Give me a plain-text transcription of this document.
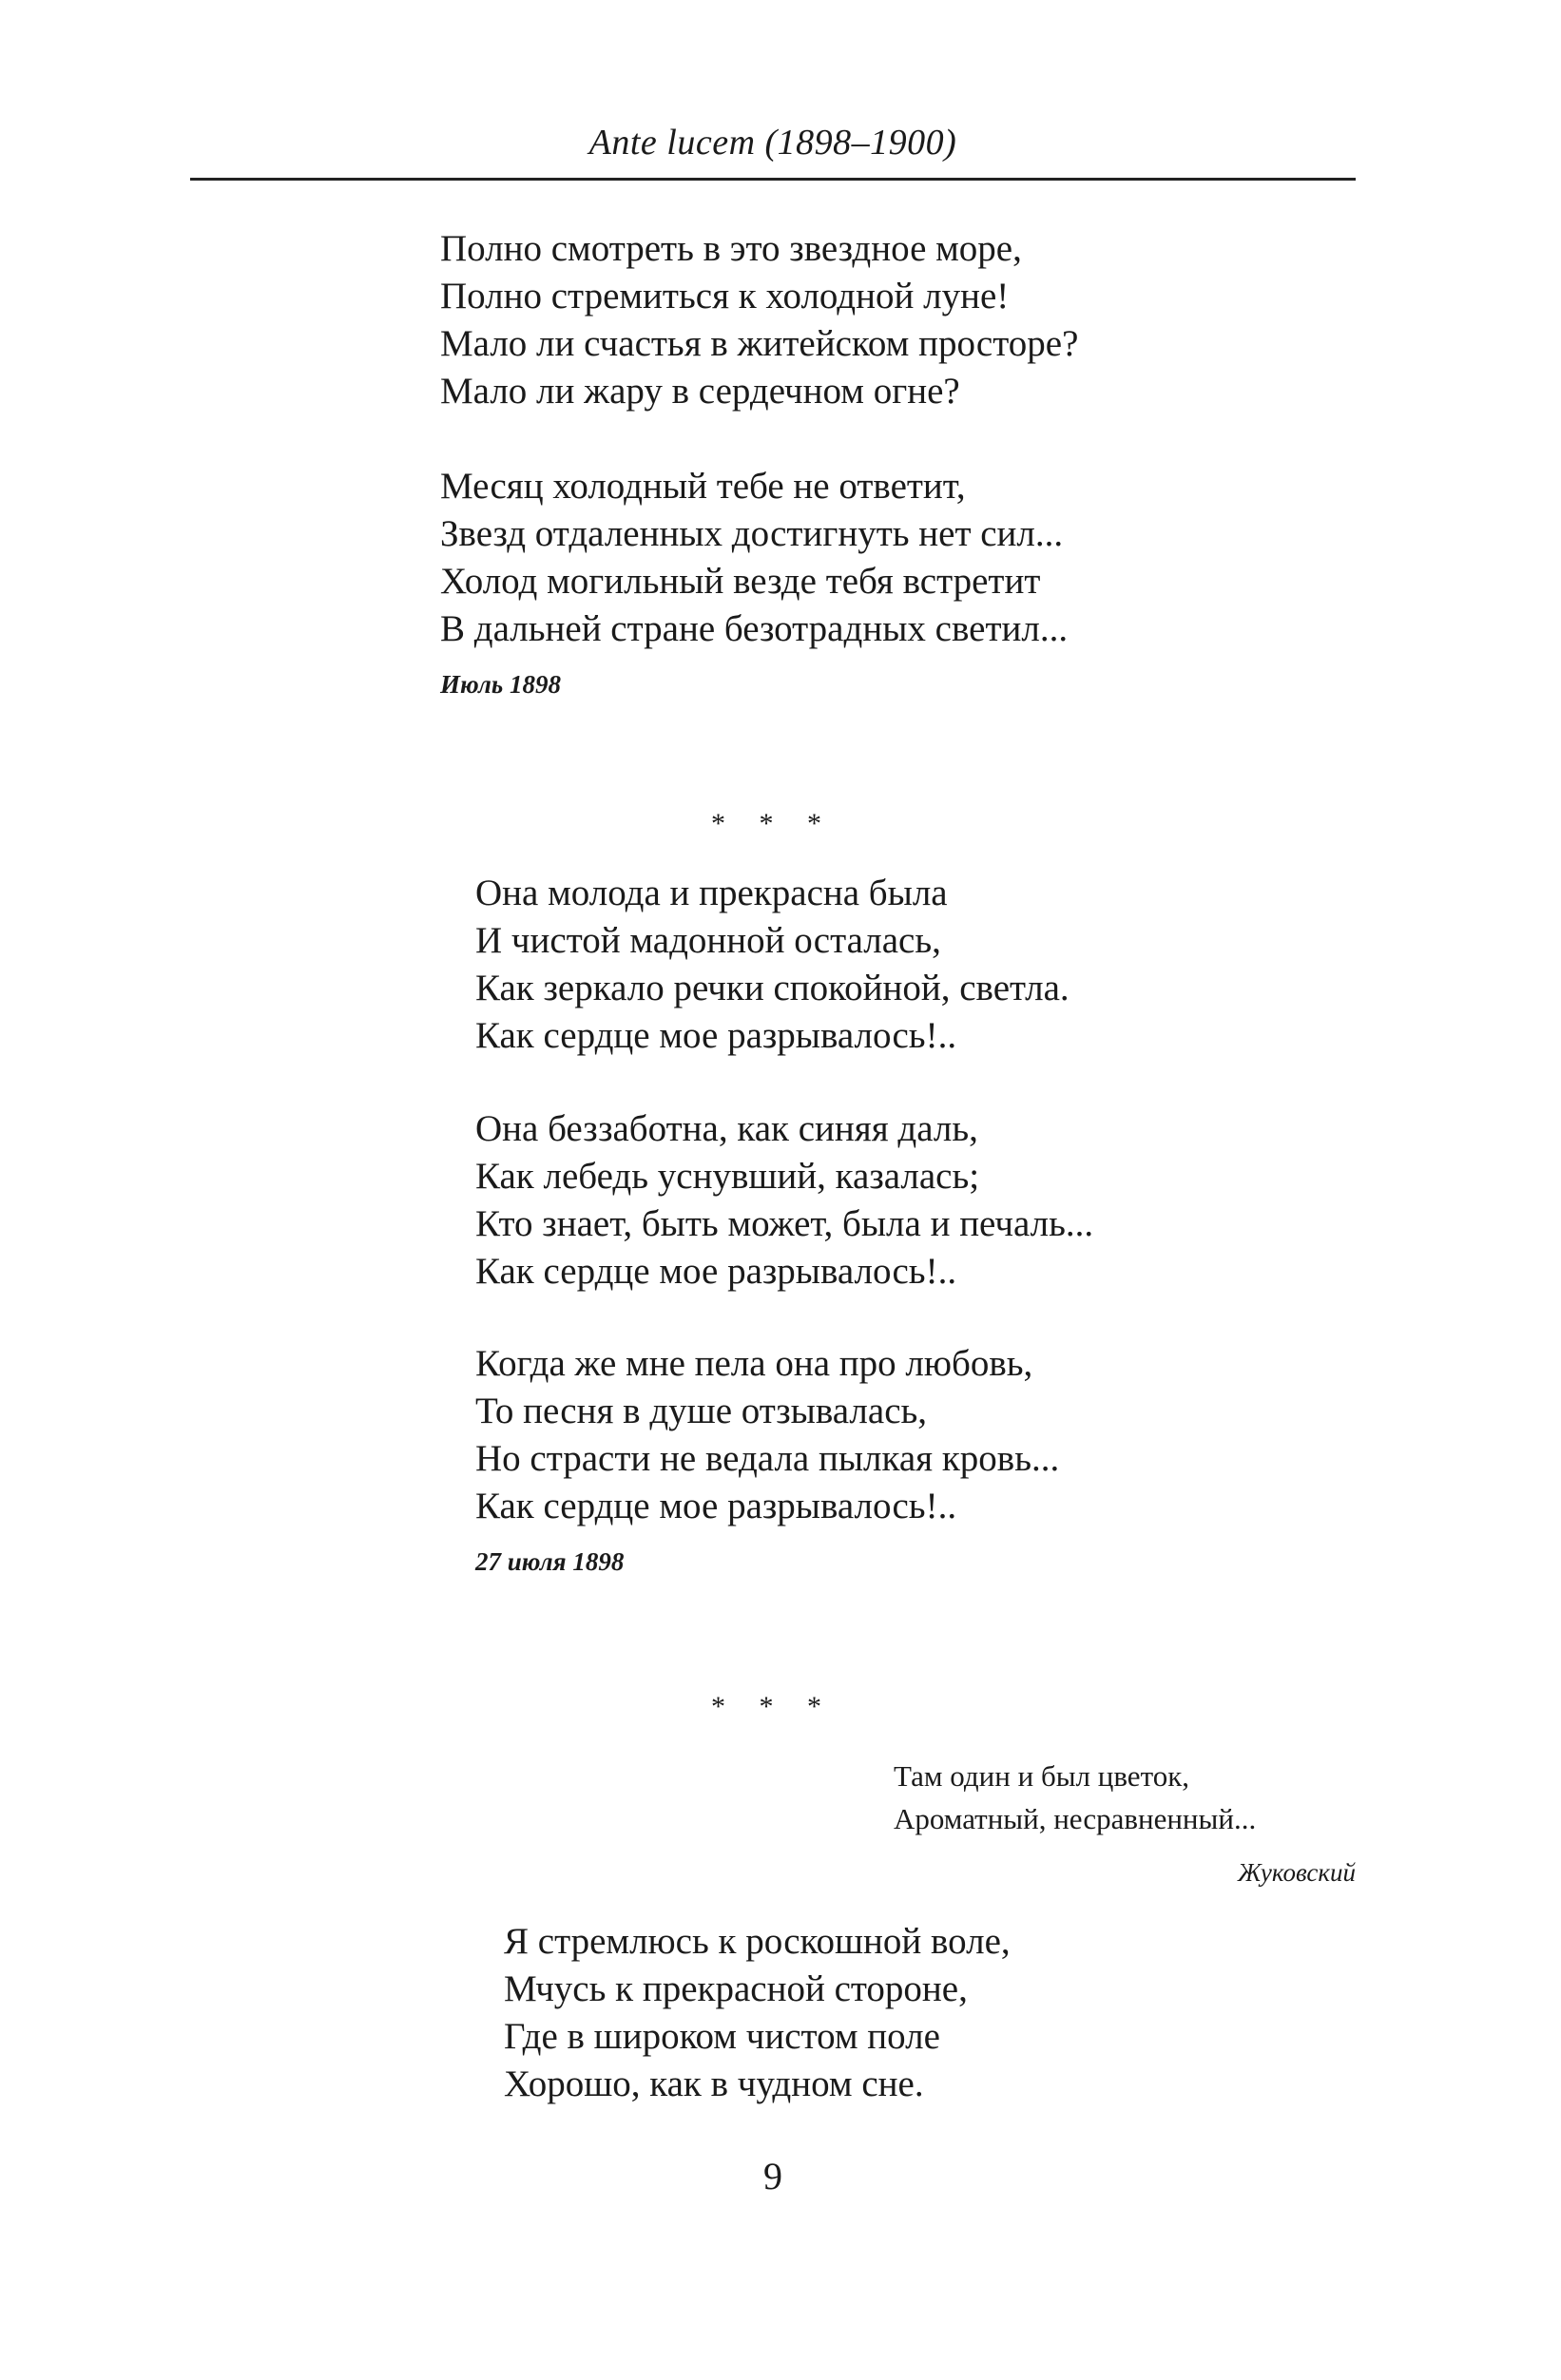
Ante lucem (1898–1900)
Полно смотреть в это звездное море,
Полно стремиться к холодной луне!
Мало ли счастья в житейском просторе?
Мало ли жару в сердечном огне?
Месяц холодный тебе не ответит,
Звезд отдаленных достигнуть нет сил...
Холод могильный везде тебя встретит
В дальней стране безотрадных светил...
Июль 1898
* * *
Она молода и прекрасна была
И чистой мадонной осталась,
Как зеркало речки спокойной, светла.
Как сердце мое разрывалось!..
Она беззаботна, как синяя даль,
Как лебедь уснувший, казалась;
Кто знает, быть может, была и печаль...
Как сердце мое разрывалось!..
Когда же мне пела она про любовь,
То песня в душе отзывалась,
Но страсти не ведала пылкая кровь...
Как сердце мое разрывалось!..
27 июля 1898
* * *
Там один и был цветок,
Ароматный, несравненный...
Жуковский
Я стремлюсь к роскошной воле,
Мчусь к прекрасной стороне,
Где в широком чистом поле
Хорошо, как в чудном сне.
9
